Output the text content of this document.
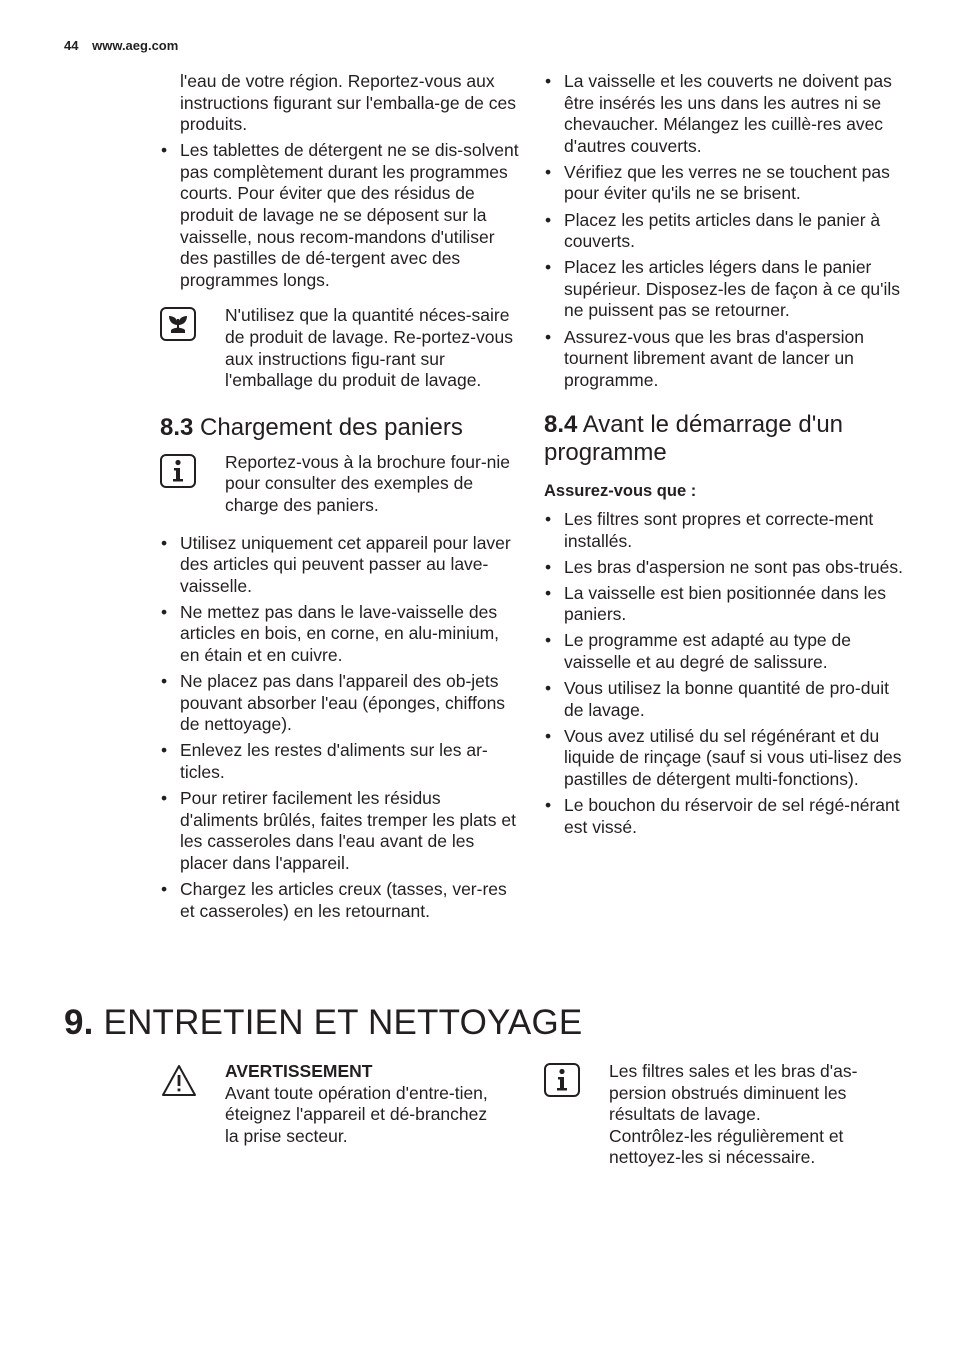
44 www.aeg.com
l'eau de votre région. Reportez-vous aux instructions figurant sur l'emballa-ge de ces produits.
• Les tablettes de détergent ne se dis-solvent pas complètement durant les programmes courts. Pour éviter que des résidus de produit de lavage ne se déposent sur la vaisselle, nous recom-mandons d'utiliser des pastilles de dé-tergent avec des programmes longs.
N'utilisez que la quantité néces-saire de produit de lavage. Re-portez-vous aux instructions figu-rant sur l'emballage du produit de lavage.
8.3 Chargement des paniers
Reportez-vous à la brochure four-nie pour consulter des exemples de charge des paniers.
• Utilisez uniquement cet appareil pour laver des articles qui peuvent passer au lave-vaisselle.
• Ne mettez pas dans le lave-vaisselle des articles en bois, en corne, en alu-minium, en étain et en cuivre.
• Ne placez pas dans l'appareil des ob-jets pouvant absorber l'eau (éponges, chiffons de nettoyage).
• Enlevez les restes d'aliments sur les ar-ticles.
• Pour retirer facilement les résidus d'aliments brûlés, faites tremper les plats et les casseroles dans l'eau avant de les placer dans l'appareil.
• Chargez les articles creux (tasses, ver-res et casseroles) en les retournant.
• La vaisselle et les couverts ne doivent pas être insérés les uns dans les autres ni se chevaucher. Mélangez les cuillè-res avec d'autres couverts.
• Vérifiez que les verres ne se touchent pas pour éviter qu'ils ne se brisent.
• Placez les petits articles dans le panier à couverts.
• Placez les articles légers dans le panier supérieur. Disposez-les de façon à ce qu'ils ne puissent pas se retourner.
• Assurez-vous que les bras d'aspersion tournent librement avant de lancer un programme.
8.4 Avant le démarrage d'un programme

Assurez-vous que :

• Les filtres sont propres et correcte-ment installés.
• Les bras d'aspersion ne sont pas obs-trués.
• La vaisselle est bien positionnée dans les paniers.
• Le programme est adapté au type de vaisselle et au degré de salissure.
• Vous utilisez la bonne quantité de pro-duit de lavage.
• Vous avez utilisé du sel régénérant et du liquide de rinçage (sauf si vous uti-lisez des pastilles de détergent multi-fonctions).
• Le bouchon du réservoir de sel régé-nérant est vissé.
9. ENTRETIEN ET NETTOYAGE
AVERTISSEMENT
Avant toute opération d'entre-tien, éteignez l'appareil et dé-branchez la prise secteur.
Les filtres sales et les bras d'as-persion obstrués diminuent les résultats de lavage.
Contrôlez-les régulièrement et nettoyez-les si nécessaire.
